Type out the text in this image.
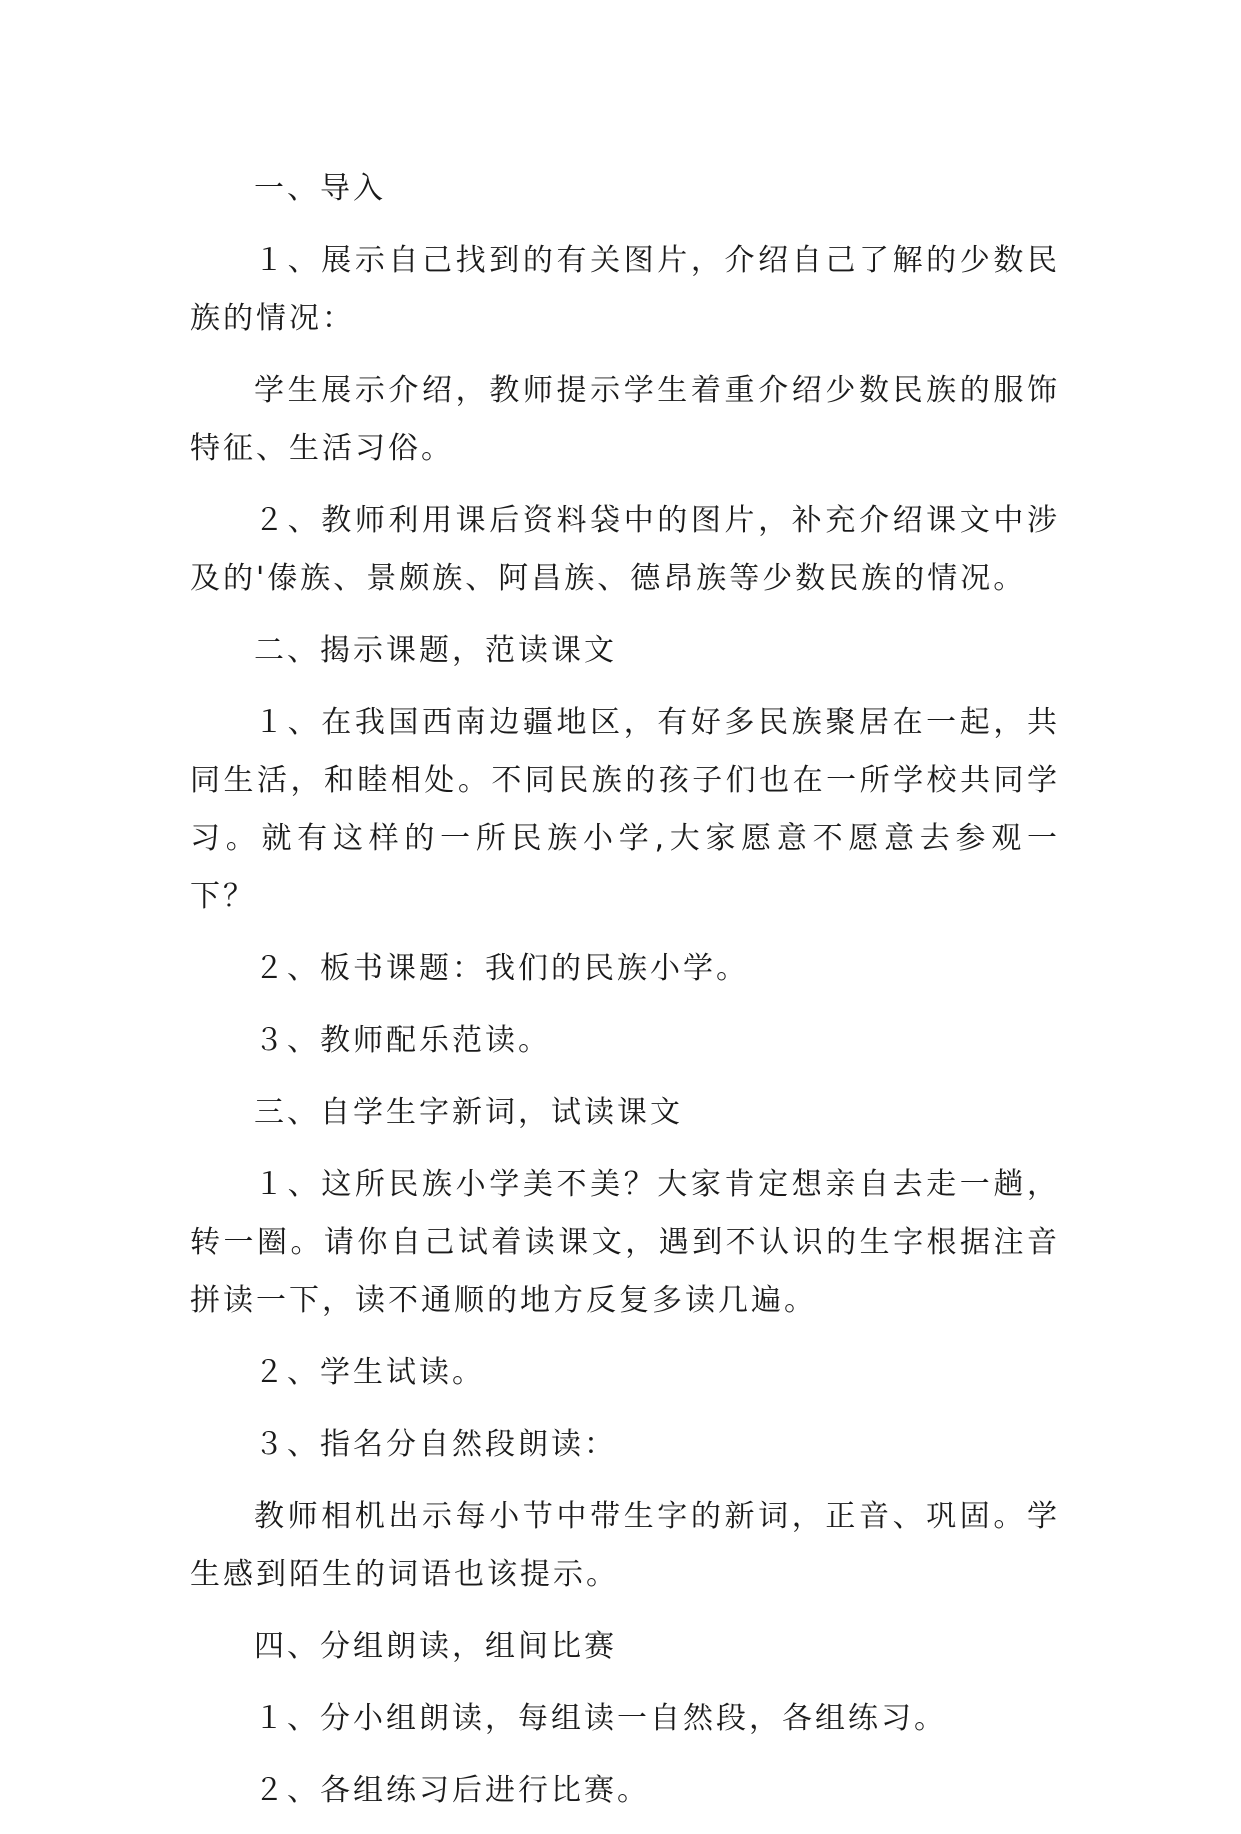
一、导入

１、展示自己找到的有关图片，介绍自己了解的少数民族的情况：

学生展示介绍，教师提示学生着重介绍少数民族的服饰特征、生活习俗。

２、教师利用课后资料袋中的图片，补充介绍课文中涉及的'傣族、景颇族、阿昌族、德昂族等少数民族的情况。

二、揭示课题，范读课文

１、在我国西南边疆地区，有好多民族聚居在一起，共同生活，和睦相处。不同民族的孩子们也在一所学校共同学习。就有这样的一所民族小学,大家愿意不愿意去参观一下？

２、板书课题：我们的民族小学。

３、教师配乐范读。

三、自学生字新词，试读课文

１、这所民族小学美不美？大家肯定想亲自去走一趟，转一圈。请你自己试着读课文，遇到不认识的生字根据注音拼读一下，读不通顺的地方反复多读几遍。

２、学生试读。

３、指名分自然段朗读：

教师相机出示每小节中带生字的新词，正音、巩固。学生感到陌生的词语也该提示。

四、分组朗读，组间比赛

１、分小组朗读，每组读一自然段，各组练习。

２、各组练习后进行比赛。
